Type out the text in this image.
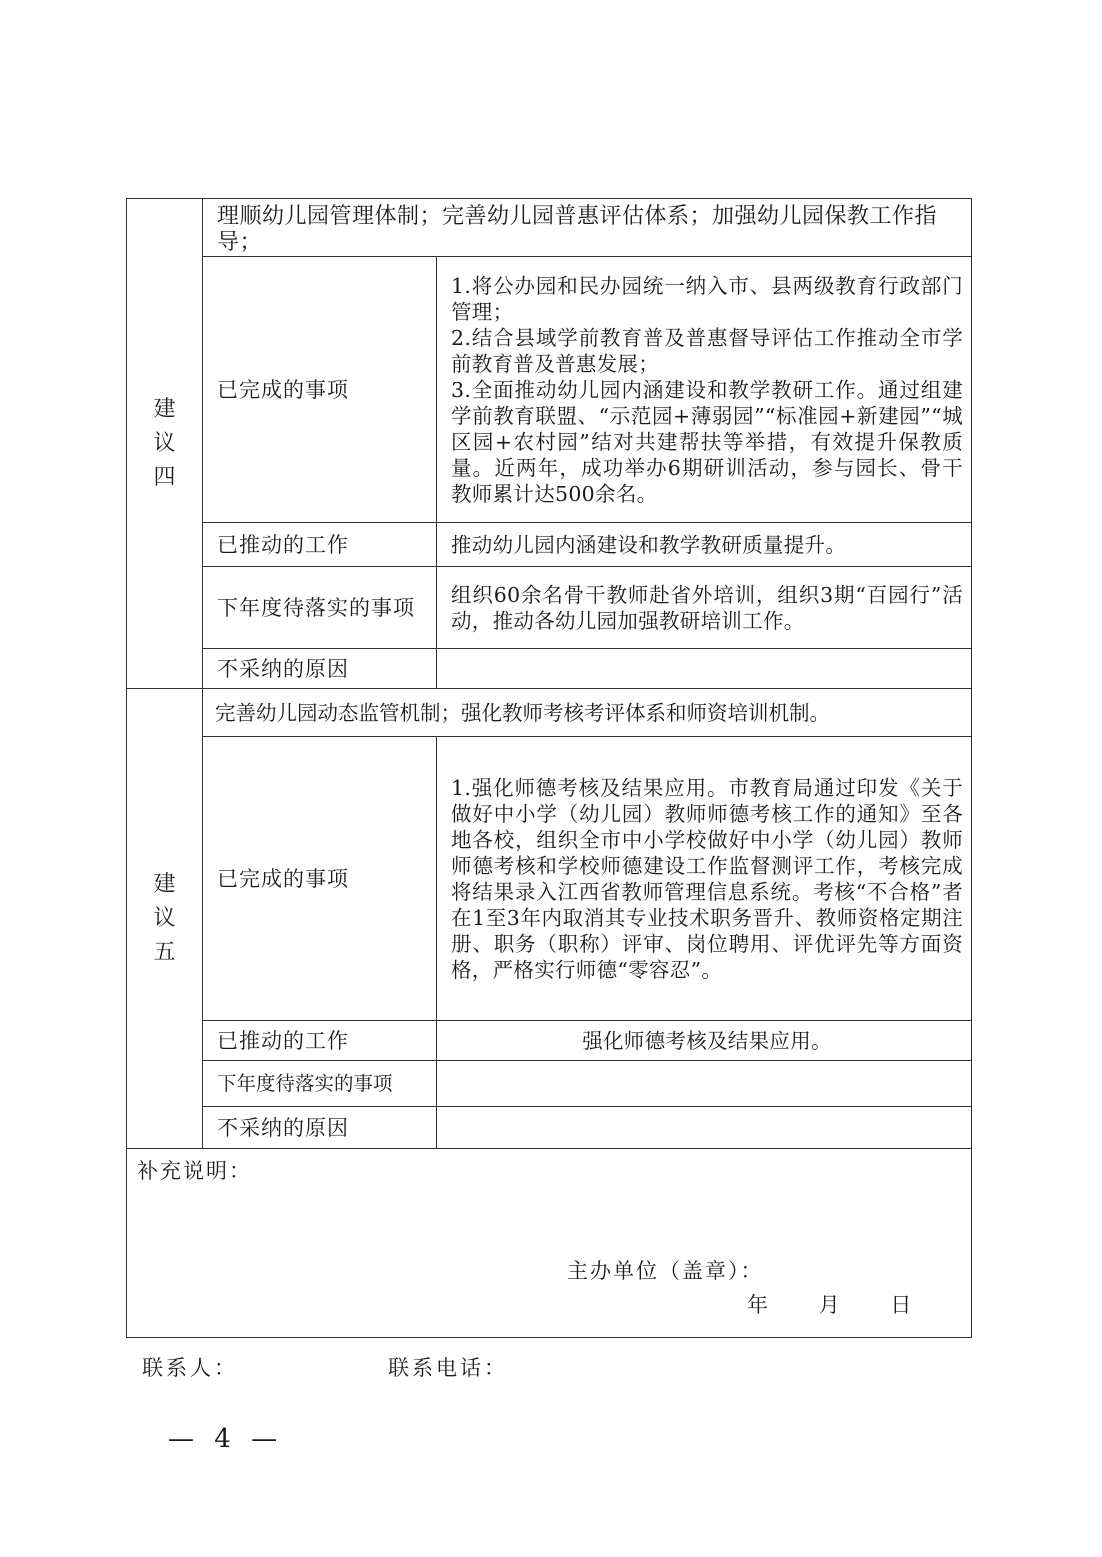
建
议
四	理顺幼儿园管理体制；完善幼儿园普惠评估体系；加强幼儿园保教工作指导；	
	已完成的事项	1.将公办园和民办园统一纳入市、县两级教育行政部门管理；

2.结合县域学前教育普及普惠督导评估工作推动全市学前教育普及普惠发展；

3.全面推动幼儿园内涵建设和教学教研工作。通过组建学前教育联盟、“示范园+薄弱园”“标准园+新建园”“城区园+农村园”结对共建帮扶等举措，有效提升保教质量。近两年，成功举办6期研训活动，参与园长、骨干教师累计达500余名。

	已推动的工作	推动幼儿园内涵建设和教学教研质量提升。
	下年度待落实的事项	组织60余名骨干教师赴省外培训，组织3期“百园行”活动，推动各幼儿园加强教研培训工作。
	不采纳的原因	

建
议
五	完善幼儿园动态监管机制；强化教师考核考评体系和师资培训机制。	
	已完成的事项	1.强化师德考核及结果应用。市教育局通过印发《关于做好中小学（幼儿园）教师师德考核工作的通知》至各地各校，组织全市中小学校做好中小学（幼儿园）教师师德考核和学校师德建设工作监督测评工作，考核完成将结果录入江西省教师管理信息系统。考核“不合格”者在1至3年内取消其专业技术职务晋升、教师资格定期注册、职务（职称）评审、岗位聘用、评优评先等方面资格，严格实行师德“零容忍”。

	已推动的工作	强化师德考核及结果应用。
	下年度待落实的事项	
	不采纳的原因	

补充说明：
主办单位（盖章）：
年 月 日		
联系人：	联系电话：
— 4 —
